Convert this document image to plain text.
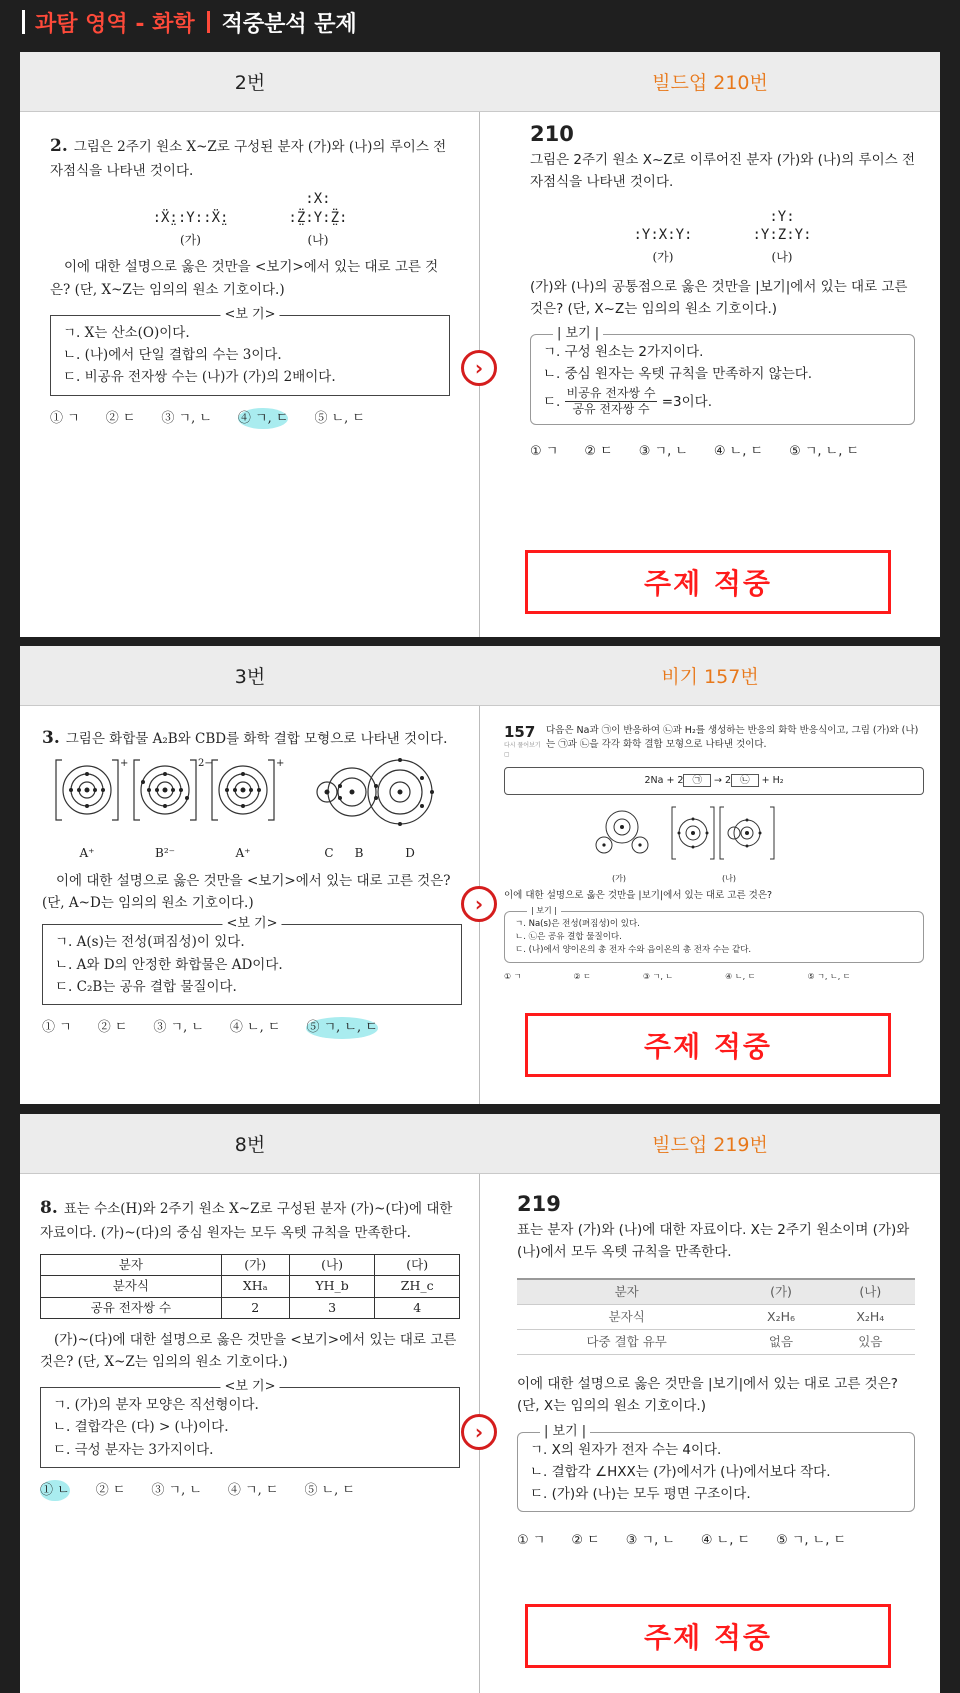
과탐 영역 - 화학 적중분석 문제
2번	빌드업 210번
›
2. 그림은 2주기 원소 X~Z로 구성된 분자 (가)와 (나)의 루이스 전자점식을 나타낸 것이다.
:Ẍ̤::Y::Ẍ̤:
(가)
:X:
:Z̤̈:Y:Z̤̈:
(나)
이에 대한 설명으로 옳은 것만을 <보기>에서 있는 대로 고른 것은? (단, X~Z는 임의의 원소 기호이다.)
<보 기>
ㄱ. X는 산소(O)이다.
ㄴ. (나)에서 단일 결합의 수는 3이다.
ㄷ. 비공유 전자쌍 수는 (나)가 (가)의 2배이다.
① ㄱ ② ㄷ ③ ㄱ, ㄴ ④ ㄱ, ㄷ ⑤ ㄴ, ㄷ
210
그림은 2주기 원소 X~Z로 이루어진 분자 (가)와 (나)의 루이스 전자점식을 나타낸 것이다.
:Y:X:Y:
(가)
:Y:
:Y:Z:Y:
(나)
(가)와 (나)의 공통점으로 옳은 것만을 |보기|에서 있는 대로 고른 것은? (단, X~Z는 임의의 원소 기호이다.)
| 보기 |
ㄱ. 구성 원소는 2가지이다.
ㄴ. 중심 원자는 옥텟 규칙을 만족하지 않는다.
ㄷ. $\frac{\text{비공유 전자쌍 수}}{\text{공유 전자쌍 수}} =3$이다.
① ㄱ ② ㄷ ③ ㄱ, ㄴ ④ ㄴ, ㄷ ⑤ ㄱ, ㄴ, ㄷ
주제 적중
3번	비기 157번
›
3. 그림은 화합물 A₂B와 CBD를 화학 결합 모형으로 나타낸 것이다.
+	2−	+
A⁺	B²⁻	A⁺	C	B	D
이에 대한 설명으로 옳은 것만을 <보기>에서 있는 대로 고른 것은? (단, A~D는 임의의 원소 기호이다.)
<보 기>
ㄱ. A(s)는 전성(펴짐성)이 있다.
ㄴ. A와 D의 안정한 화합물은 AD이다.
ㄷ. C₂B는 공유 결합 물질이다.
① ㄱ ② ㄷ ③ ㄱ, ㄴ ④ ㄴ, ㄷ ⑤ ㄱ, ㄴ, ㄷ
157
다시 풀어보기 ▢
다음은 Na과 ㉠이 반응하여 ㉡과 H₂를 생성하는 반응의 화학 반응식이고, 그림 (가)와 (나)는 ㉠과 ㉡을 각각 화학 결합 모형으로 나타낸 것이다.
2Na + 2 ㉠ → 2 ㉡ + H₂
(가)	(나)
이에 대한 설명으로 옳은 것만을 |보기|에서 있는 대로 고른 것은?
| 보기 |
ㄱ. Na(s)은 전성(펴짐성)이 있다.
ㄴ. ㉡은 공유 결합 물질이다.
ㄷ. (나)에서 양이온의 총 전자 수와 음이온의 총 전자 수는 같다.
① ㄱ	② ㄷ	③ ㄱ, ㄴ	④ ㄴ, ㄷ	⑤ ㄱ, ㄴ, ㄷ
주제 적중
8번	빌드업 219번
›
8. 표는 수소(H)와 2주기 원소 X~Z로 구성된 분자 (가)~(다)에 대한 자료이다. (가)~(다)의 중심 원자는 모두 옥텟 규칙을 만족한다.
분자	(가)	(나)	(다)
분자식	XHₐ	YH_b	ZH_c
공유 전자쌍 수	2	3	4
(가)~(다)에 대한 설명으로 옳은 것만을 <보기>에서 있는 대로 고른 것은? (단, X~Z는 임의의 원소 기호이다.)
<보 기>
ㄱ. (가)의 분자 모양은 직선형이다.
ㄴ. 결합각은 (다) > (나)이다.
ㄷ. 극성 분자는 3가지이다.
① ㄴ ② ㄷ ③ ㄱ, ㄴ ④ ㄱ, ㄷ ⑤ ㄴ, ㄷ
219
표는 분자 (가)와 (나)에 대한 자료이다. X는 2주기 원소이며 (가)와 (나)에서 모두 옥텟 규칙을 만족한다.
분자	(가)	(나)
분자식	X₂H₆	X₂H₄
다중 결합 유무	없음	있음
이에 대한 설명으로 옳은 것만을 |보기|에서 있는 대로 고른 것은? (단, X는 임의의 원소 기호이다.)
| 보기 |
ㄱ. X의 원자가 전자 수는 4이다.
ㄴ. 결합각 ∠HXX는 (가)에서가 (나)에서보다 작다.
ㄷ. (가)와 (나)는 모두 평면 구조이다.
① ㄱ ② ㄷ ③ ㄱ, ㄴ ④ ㄴ, ㄷ ⑤ ㄱ, ㄴ, ㄷ
주제 적중
